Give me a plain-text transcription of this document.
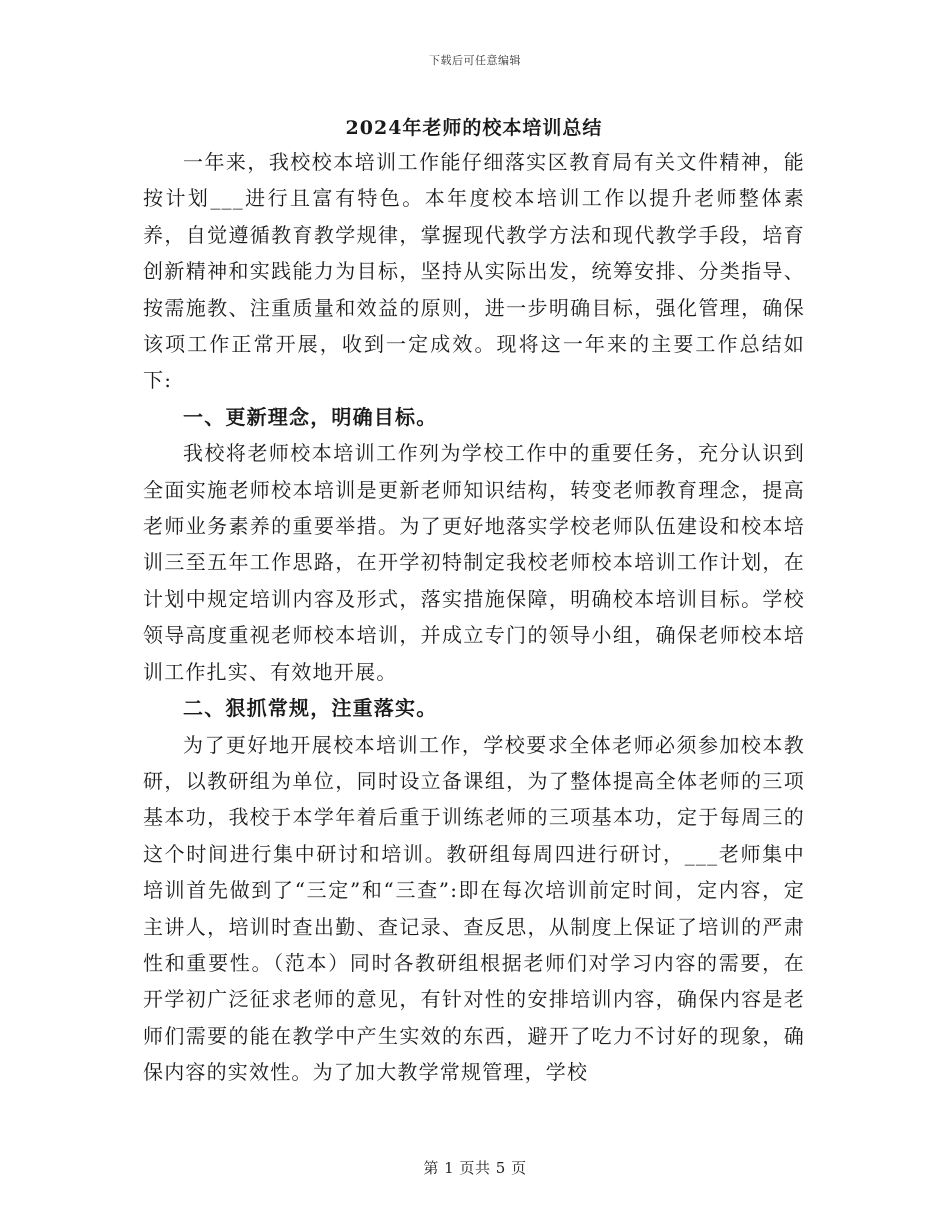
下载后可任意编辑
2024年老师的校本培训总结

一年来，我校校本培训工作能仔细落实区教育局有关文件精神，能按计划___进行且富有特色。本年度校本培训工作以提升老师整体素养，自觉遵循教育教学规律，掌握现代教学方法和现代教学手段，培育创新精神和实践能力为目标，坚持从实际出发，统筹安排、分类指导、按需施教、注重质量和效益的原则，进一步明确目标，强化管理，确保该项工作正常开展，收到一定成效。现将这一年来的主要工作总结如下:

一、更新理念，明确目标。

我校将老师校本培训工作列为学校工作中的重要任务，充分认识到全面实施老师校本培训是更新老师知识结构，转变老师教育理念，提高老师业务素养的重要举措。为了更好地落实学校老师队伍建设和校本培训三至五年工作思路，在开学初特制定我校老师校本培训工作计划，在计划中规定培训内容及形式，落实措施保障，明确校本培训目标。学校领导高度重视老师校本培训，并成立专门的领导小组，确保老师校本培训工作扎实、有效地开展。

二、狠抓常规，注重落实。

为了更好地开展校本培训工作，学校要求全体老师必须参加校本教研，以教研组为单位，同时设立备课组，为了整体提高全体老师的三项基本功，我校于本学年着后重于训练老师的三项基本功，定于每周三的这个时间进行集中研讨和培训。教研组每周四进行研讨，___老师集中培训首先做到了“三定”和“三查”:即在每次培训前定时间，定内容，定主讲人，培训时查出勤、查记录、查反思，从制度上保证了培训的严肃性和重要性。（范本）同时各教研组根据老师们对学习内容的需要，在开学初广泛征求老师的意见，有针对性的安排培训内容，确保内容是老师们需要的能在教学中产生实效的东西，避开了吃力不讨好的现象，确保内容的实效性。为了加大教学常规管理，学校

第 1 页共 5 页
